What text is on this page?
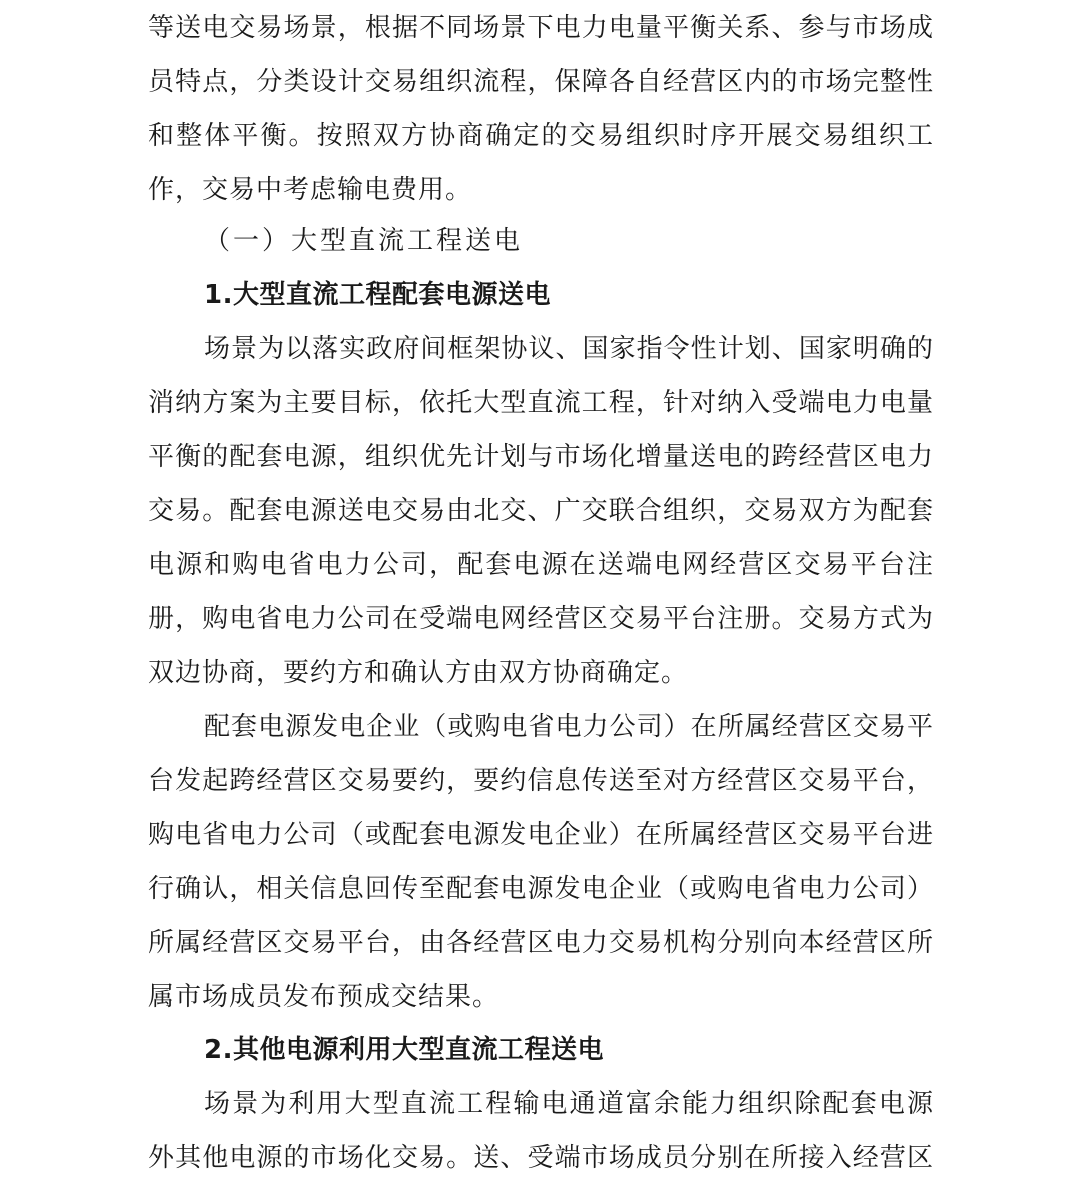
等送电交易场景，根据不同场景下电力电量平衡关系、参与市场成
员特点，分类设计交易组织流程，保障各自经营区内的市场完整性
和整体平衡。按照双方协商确定的交易组织时序开展交易组织工
作，交易中考虑输电费用。
（一）大型直流工程送电
1.大型直流工程配套电源送电
场景为以落实政府间框架协议、国家指令性计划、国家明确的
消纳方案为主要目标，依托大型直流工程，针对纳入受端电力电量
平衡的配套电源，组织优先计划与市场化增量送电的跨经营区电力
交易。配套电源送电交易由北交、广交联合组织，交易双方为配套
电源和购电省电力公司，配套电源在送端电网经营区交易平台注
册，购电省电力公司在受端电网经营区交易平台注册。交易方式为
双边协商，要约方和确认方由双方协商确定。
配套电源发电企业（或购电省电力公司）在所属经营区交易平
台发起跨经营区交易要约，要约信息传送至对方经营区交易平台，
购电省电力公司（或配套电源发电企业）在所属经营区交易平台进
行确认，相关信息回传至配套电源发电企业（或购电省电力公司）
所属经营区交易平台，由各经营区电力交易机构分别向本经营区所
属市场成员发布预成交结果。
2.其他电源利用大型直流工程送电
场景为利用大型直流工程输电通道富余能力组织除配套电源
外其他电源的市场化交易。送、受端市场成员分别在所接入经营区
